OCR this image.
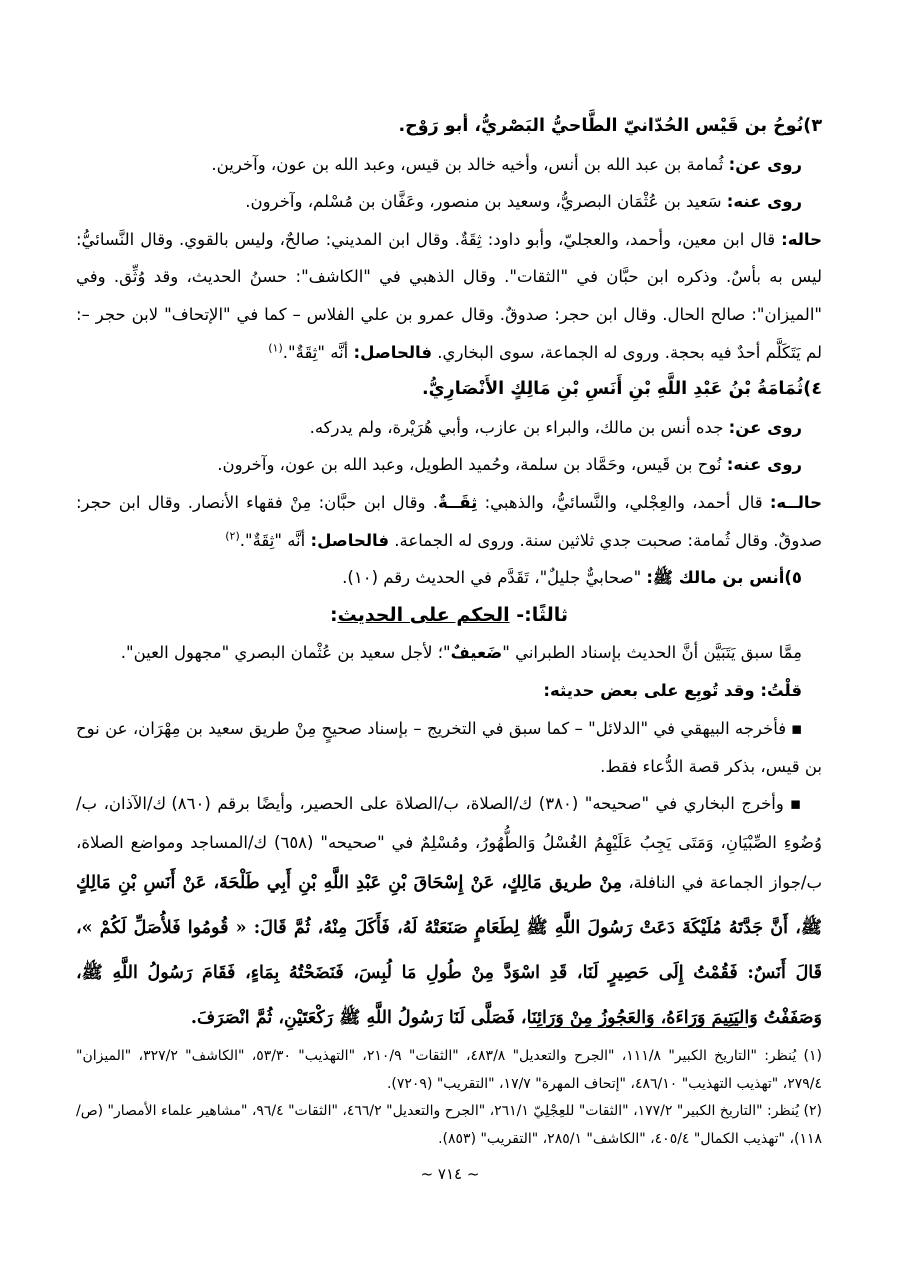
٣)نُوحُ بن قَيْس الحُدّانيّ الطَّاحيُّ البَصْريُّ، أبو رَوْح.

روى عن: ثُمامة بن عبد الله بن أنس، وأخيه خالد بن قيس، وعبد الله بن عون، وآخرين.

روى عنه: سَعيد بن عُثْمَان البصريُّ، وسعيد بن منصور، وعَفَّان بن مُسْلم، وآخرون.

حاله: قال ابن معين، وأحمد، والعجليّ، وأبو داود: ثِقَةٌ. وقال ابن المديني: صالحٌ، وليس بالقوي. وقال النَّسائيُّ: ليس به بأسٌ. وذكره ابن حبَّان في "الثقات". وقال الذهبي في "الكاشف": حسنُ الحديث، وقد وُثِّق. وفي "الميزان": صالح الحال. وقال ابن حجر: صدوقٌ. وقال عمرو بن علي الفلاس – كما في "الإتحاف" لابن حجر –: لم يَتَكَلَّم أحدٌ فيه بحجة. وروى له الجماعة، سوى البخاري. فالحاصل: أنَّه "ثِقَةٌ".$^{(١)}$

٤)ثُمَامَةُ بْنُ عَبْدِ اللَّهِ بْنِ أَنَسِ بْنِ مَالِكٍ الأَنْصَارِيُّ.

روى عن: جده أنس بن مالك، والبراء بن عازب، وأبي هُرَيْرة، ولم يدركه.

روى عنه: نُوح بن قَيس، وحَمَّاد بن سلمة، وحُميد الطويل، وعبد الله بن عون، وآخرون.

حالــه: قال أحمد، والعِجْلي، والنَّسائيُّ، والذهبي: ثِقَــةٌ. وقال ابن حبَّان: مِنْ فقهاء الأنصار. وقال ابن حجر: صدوقٌ. وقال ثُمامة: صحبت جدي ثلاثين سنة. وروى له الجماعة. فالحاصل: أنَّه "ثِقَةٌ".$^{(٢)}$

٥)أنس بن مالك ﷺ: "صحابيٌّ جليلٌ"، تَقَدَّم في الحديث رقم (١٠).

ثالثًا:- الحكم على الحديث:

مِمَّا سبق يَتَبَيَّن أنَّ الحديث بإسناد الطبراني "ضَعيفٌ"؛ لأجل سعيد بن عُثْمان البصري "مجهول العين".

قلْتُ: وقد تُوبِع على بعض حديثه:

■ فأخرجه البيهقي في "الدلائل" – كما سبق في التخريج – بإسناد صحيحٍ مِنْ طريق سعيد بن مِهْرَان، عن نوح بن قيس، بذكر قصة الدُّعاء فقط.

■ وأخرج البخاري في "صحيحه" (٣٨٠) ك/الصلاة، ب/الصلاة على الحصير، وأيضًا برقم (٨٦٠) ك/الآذان، ب/وُضُوءِ الصِّبْيَانِ، وَمَتَى يَجِبُ عَلَيْهِمُ الغُسْلُ وَالطُّهُورُ، ومُسْلِمٌ في "صحيحه" (٦٥٨) ك/المساجد ومواضع الصلاة، ب/جواز الجماعة في النافلة، مِنْ طريق مَالِكٍ، عَنْ إِسْحَاقَ بْنِ عَبْدِ اللَّهِ بْنِ أَبِي طَلْحَةَ، عَنْ أَنَسِ بْنِ مَالِكٍ ﷺ، أَنَّ جَدَّتَهُ مُلَيْكَةَ دَعَتْ رَسُولَ اللَّهِ ﷺ لِطَعَامٍ صَنَعَتْهُ لَهُ، فَأَكَلَ مِنْهُ، ثُمَّ قَالَ: « قُومُوا فَلأُصَلِّ لَكُمْ »، قَالَ أَنَسٌ: فَقُمْتُ إِلَى حَصِيرٍ لَنَا، قَدِ اسْوَدَّ مِنْ طُولِ مَا لُبِسَ، فَنَضَحْتُهُ بِمَاءٍ، فَقَامَ رَسُولُ اللَّهِ ﷺ، وَصَفَفْتُ وَاليَتِيمَ وَرَاءَهُ، وَالعَجُوزُ مِنْ وَرَائِنَا، فَصَلَّى لَنَا رَسُولُ اللَّهِ ﷺ رَكْعَتَيْنِ، ثُمَّ انْصَرَفَ.

(١) يُنظر: "التاريخ الكبير" ١١١/٨، "الجرح والتعديل" ٤٨٣/٨، "الثقات" ٢١٠/٩، "التهذيب" ٥٣/٣٠، "الكاشف" ٣٢٧/٢، "الميزان" ٢٧٩/٤، "تهذيب التهذيب" ٤٨٦/١٠، "إتحاف المهرة" ١٧/٧، "التقريب" (٧٢٠٩).

(٢) يُنظر: "التاريخ الكبير" ١٧٧/٢، "الثقات" للعِجْلِيّ ٢٦١/١، "الجرح والتعديل" ٤٦٦/٢، "الثقات" ٩٦/٤، "مشاهير علماء الأمصار" (ص/١١٨)، "تهذيب الكمال" ٤٠٥/٤، "الكاشف" ٢٨٥/١، "التقريب" (٨٥٣).

~ ٧١٤ ~
